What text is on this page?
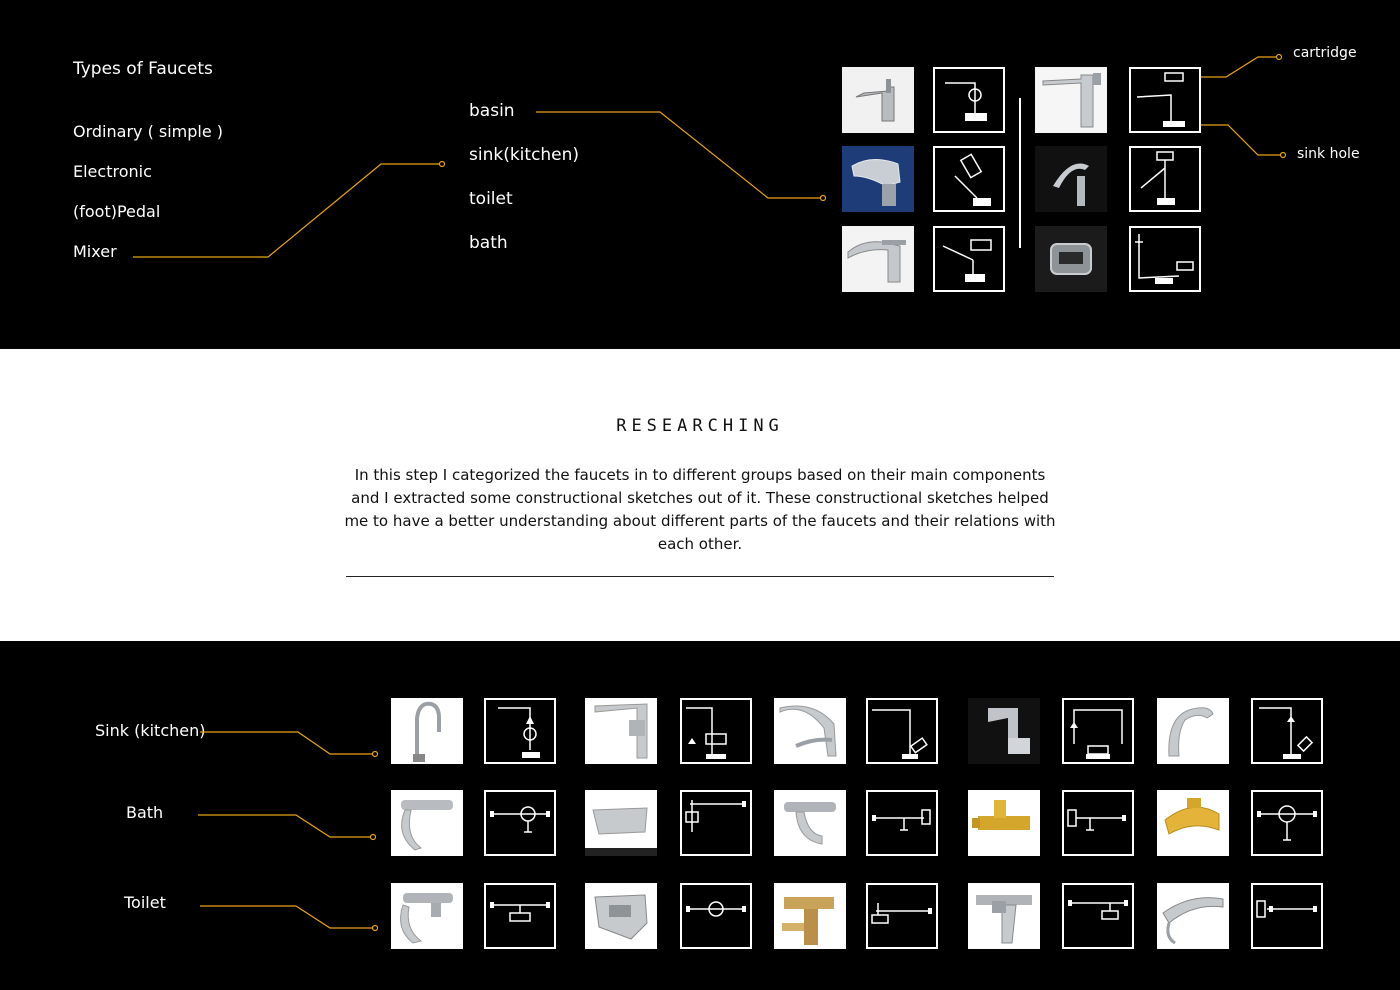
Types of Faucets
Ordinary ( simple )
Electronic
(foot)Pedal
Mixer
basin
sink(kitchen)
toilet
bath
cartridge
sink hole
RESEARCHING
In this step I categorized the faucets in to different groups based on their main components and I extracted some constructional sketches out of it. These constructional sketches helped me to have a better understanding about different parts of the faucets and their relations with each other.
Sink (kitchen)
Bath
Toilet
